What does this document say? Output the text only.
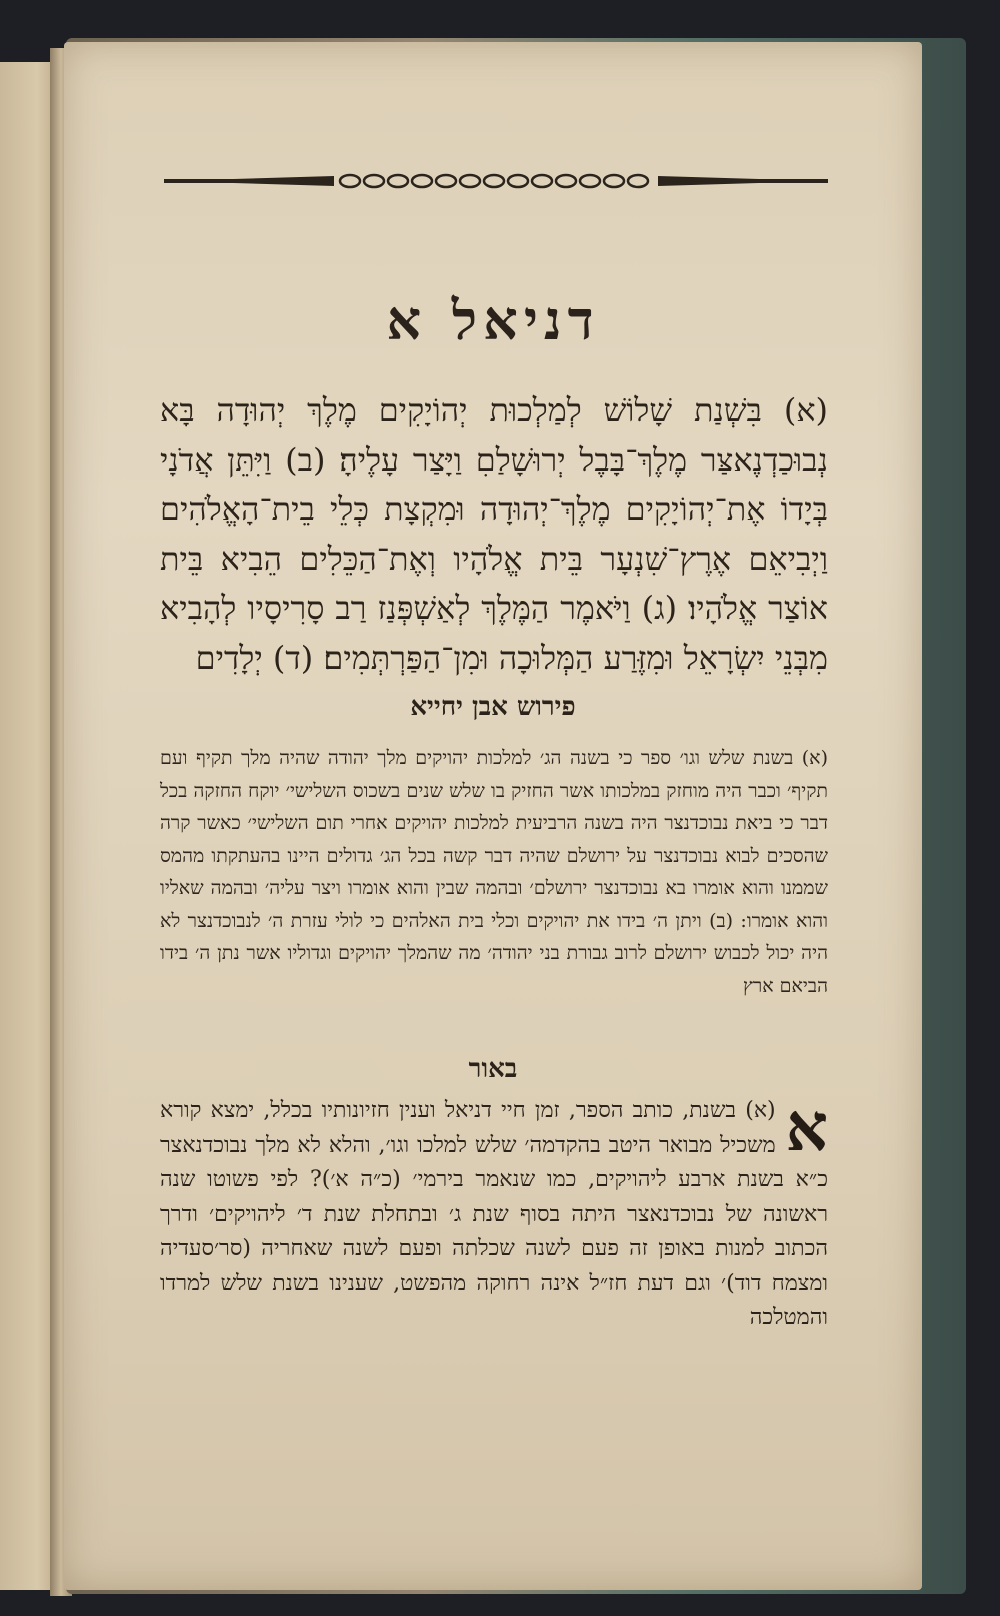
דניאל א
(א) בִּשְׁנַת שָׁלוֹשׁ לְמַלְכוּת יְהוֹיָקִים מֶלֶךְ יְהוּדָה בָּא נְבוּכַדְנֶאצַּר מֶלֶךְ־בָּבֶל יְרוּשָׁלַםִ וַיָּצַר עָלֶיהָ׃ (ב) וַיִּתֵּן אֲדֹנָי בְּיָדוֹ אֶת־יְהוֹיָקִים מֶלֶךְ־יְהוּדָה וּמִקְצָת כְּלֵי בֵית־הָאֱלֹהִים וַיְבִיאֵם אֶרֶץ־שִׁנְעָר בֵּית אֱלֹהָיו וְאֶת־הַכֵּלִים הֵבִיא בֵּית אוֹצַר אֱלֹהָיו׃ (ג) וַיֹּאמֶר הַמֶּלֶךְ לְאַשְׁפְּנַז רַב סָרִיסָיו לְהָבִיא מִבְּנֵי יִשְׂרָאֵל וּמִזֶּרַע הַמְּלוּכָה וּמִן־הַפַּרְתְּמִים׃ (ד) יְלָדִים
פירוש אבן יחייא
(א) בשנת שלש וגו׳ ספר כי בשנה הג׳ למלכות יהויקים מלך יהודה שהיה מלך תקיף ועם תקיף׳ וכבר היה מוחזק במלכותו אשר החזיק בו שלש שנים בשכוס השלישי׳ יוקח החזקה בכל דבר כי ביאת נבוכדנצר היה בשנה הרביעית למלכות יהויקים אחרי תום השלישי׳ כאשר קרה שהסכים לבוא נבוכדנצר על ירושלם שהיה דבר קשה בכל הג׳ גדולים היינו בהעתקתו מהמס שממנו והוא אומרו בא נבוכדנצר ירושלם׳ ובהמה שבין והוא אומרו ויצר עליה׳ ובהמה שאליו והוא אומרו: (ב) ויתן ה׳ בידו את יהויקים וכלי בית האלהים כי לולי עזרת ה׳ לנבוכדנצר לא היה יכול לכבוש ירושלם לרוב גבורת בני יהודה׳ מה שהמלך יהויקים וגדוליו אשר נתן ה׳ בידו הביאם ארץ
באור
א
(א) בשנת, כותב הספר, זמן חיי דניאל וענין חזיונותיו בכלל, ימצא קורא משכיל מבואר היטב בהקדמה׳ שלש למלכו וגו׳, והלא לא מלך נבוכדנאצר כ״א בשנת ארבע ליהויקים, כמו שנאמר בירמי׳ (כ״ה א׳)? לפי פשוטו שנה ראשונה של נבוכדנאצר היתה בסוף שנת ג׳ ובתחלת שנת ד׳ ליהויקים׳ ודרך הכתוב למנות באופן זה פעם לשנה שכלתה ופעם לשנה שאחריה (סר׳סעדיה ומצמח דוד)׳ וגם דעת חז״ל אינה רחוקה מהפשט, שענינו בשנת שלש למרדו והמטלכה
